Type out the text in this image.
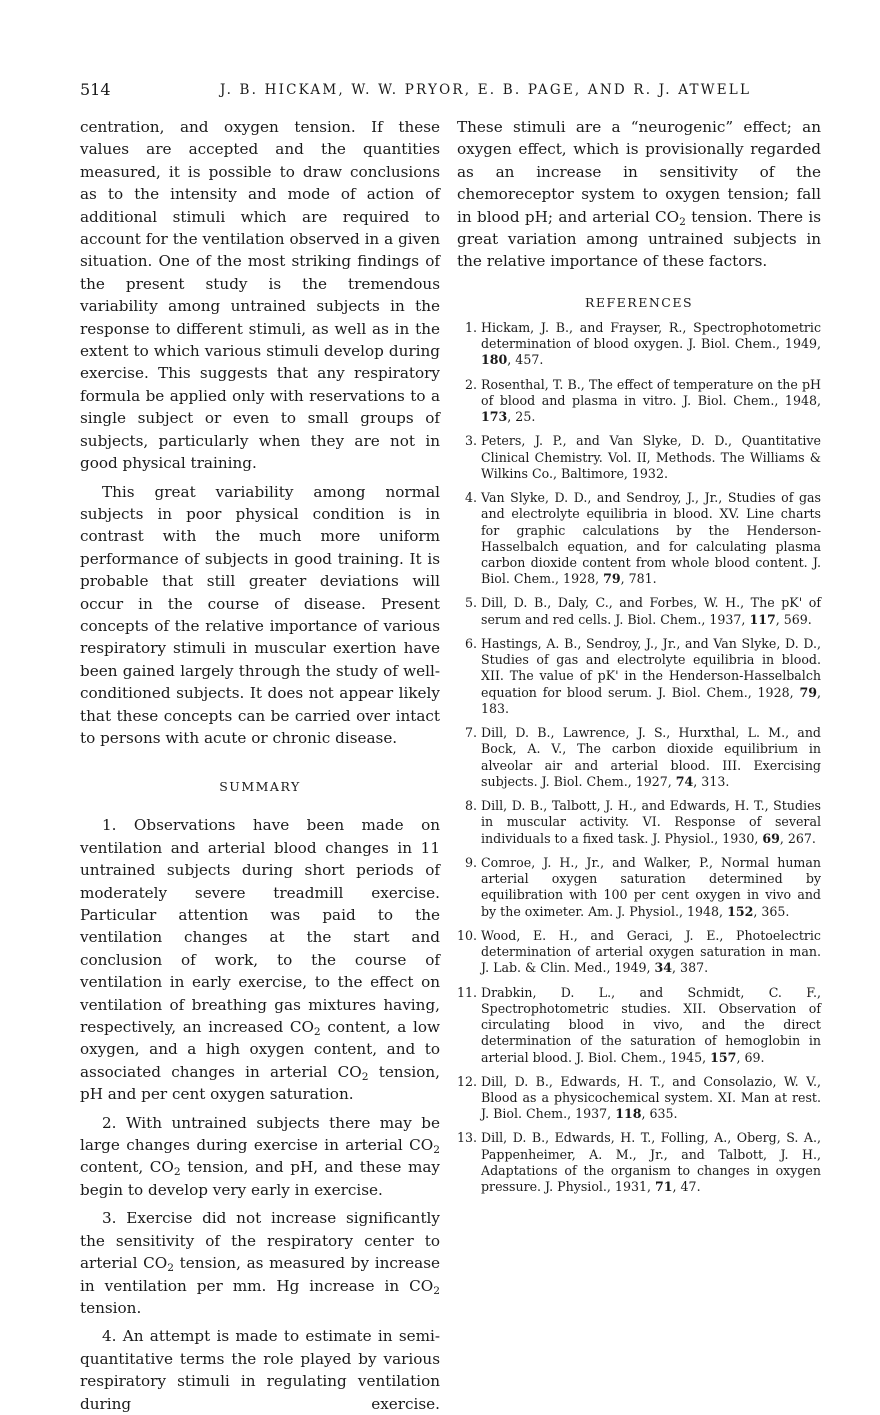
514	J. B. HICKAM, W. W. PRYOR, E. B. PAGE, AND R. J. ATWELL

centration, and oxygen tension. If these values are accepted and the quantities measured, it is possible to draw conclusions as to the intensity and mode of action of additional stimuli which are required to account for the ventilation observed in a given situation. One of the most striking findings of the present study is the tremendous variability among untrained subjects in the response to different stimuli, as well as in the extent to which various stimuli develop during exercise. This suggests that any respiratory formula be applied only with reservations to a single subject or even to small groups of subjects, particularly when they are not in good physical training.

This great variability among normal subjects in poor physical condition is in contrast with the much more uniform performance of subjects in good training. It is probable that still greater deviations will occur in the course of disease. Present concepts of the relative importance of various respiratory stimuli in muscular exertion have been gained largely through the study of well-conditioned subjects. It does not appear likely that these concepts can be carried over intact to persons with acute or chronic disease.

SUMMARY

1. Observations have been made on ventilation and arterial blood changes in 11 untrained subjects during short periods of moderately severe treadmill exercise. Particular attention was paid to the ventilation changes at the start and conclusion of work, to the course of ventilation in early exercise, to the effect on ventilation of breathing gas mixtures having, respectively, an increased $CO_2$ content, a low oxygen, and a high oxygen content, and to associated changes in arterial $CO_2$ tension, pH and per cent oxygen saturation.

2. With untrained subjects there may be large changes during exercise in arterial $CO_2$ content, $CO_2$ tension, and pH, and these may begin to develop very early in exercise.

3. Exercise did not increase significantly the sensitivity of the respiratory center to arterial $CO_2$ tension, as measured by increase in ventilation per mm. Hg increase in $CO_2$ tension.

4. An attempt is made to estimate in semi-quantitative terms the role played by various respiratory stimuli in regulating ventilation during exercise.

These stimuli are a “neurogenic” effect; an oxygen effect, which is provisionally regarded as an increase in sensitivity of the chemoreceptor system to oxygen tension; fall in blood pH; and arterial $CO_2$ tension. There is great variation among untrained subjects in the relative importance of these factors.

REFERENCES
1 . Hickam, J. B., and Frayser, R., Spectrophotometric determination of blood oxygen. J. Biol. Chem., 1949, 180, 457.
2 . Rosenthal, T. B., The effect of temperature on the pH of blood and plasma in vitro. J. Biol. Chem., 1948, 173, 25.
3 . Peters, J. P., and Van Slyke, D. D., Quantitative Clinical Chemistry. Vol. II, Methods. The Williams & Wilkins Co., Baltimore, 1932.
4 . Van Slyke, D. D., and Sendroy, J., Jr., Studies of gas and electrolyte equilibria in blood. XV. Line charts for graphic calculations by the Henderson-Hasselbalch equation, and for calculating plasma carbon dioxide content from whole blood content. J. Biol. Chem., 1928, 79, 781.
5 . Dill, D. B., Daly, C., and Forbes, W. H., The pK' of serum and red cells. J. Biol. Chem., 1937, 117, 569.
6 . Hastings, A. B., Sendroy, J., Jr., and Van Slyke, D. D., Studies of gas and electrolyte equilibria in blood. XII. The value of pK' in the Henderson-Hasselbalch equation for blood serum. J. Biol. Chem., 1928, 79, 183.
7 . Dill, D. B., Lawrence, J. S., Hurxthal, L. M., and Bock, A. V., The carbon dioxide equilibrium in alveolar air and arterial blood. III. Exercising subjects. J. Biol. Chem., 1927, 74, 313.
8 . Dill, D. B., Talbott, J. H., and Edwards, H. T., Studies in muscular activity. VI. Response of several individuals to a fixed task. J. Physiol., 1930, 69, 267.
9 . Comroe, J. H., Jr., and Walker, P., Normal human arterial oxygen saturation determined by equilibration with 100 per cent oxygen in vivo and by the oximeter. Am. J. Physiol., 1948, 152, 365.
10 . Wood, E. H., and Geraci, J. E., Photoelectric determination of arterial oxygen saturation in man. J. Lab. & Clin. Med., 1949, 34, 387.
11 . Drabkin, D. L., and Schmidt, C. F., Spectrophotometric studies. XII. Observation of circulating blood in vivo, and the direct determination of the saturation of hemoglobin in arterial blood. J. Biol. Chem., 1945, 157, 69.
12 . Dill, D. B., Edwards, H. T., and Consolazio, W. V., Blood as a physicochemical system. XI. Man at rest. J. Biol. Chem., 1937, 118, 635.
13 . Dill, D. B., Edwards, H. T., Folling, A., Oberg, S. A., Pappenheimer, A. M., Jr., and Talbott, J. H., Adaptations of the organism to changes in oxygen pressure. J. Physiol., 1931, 71, 47.
